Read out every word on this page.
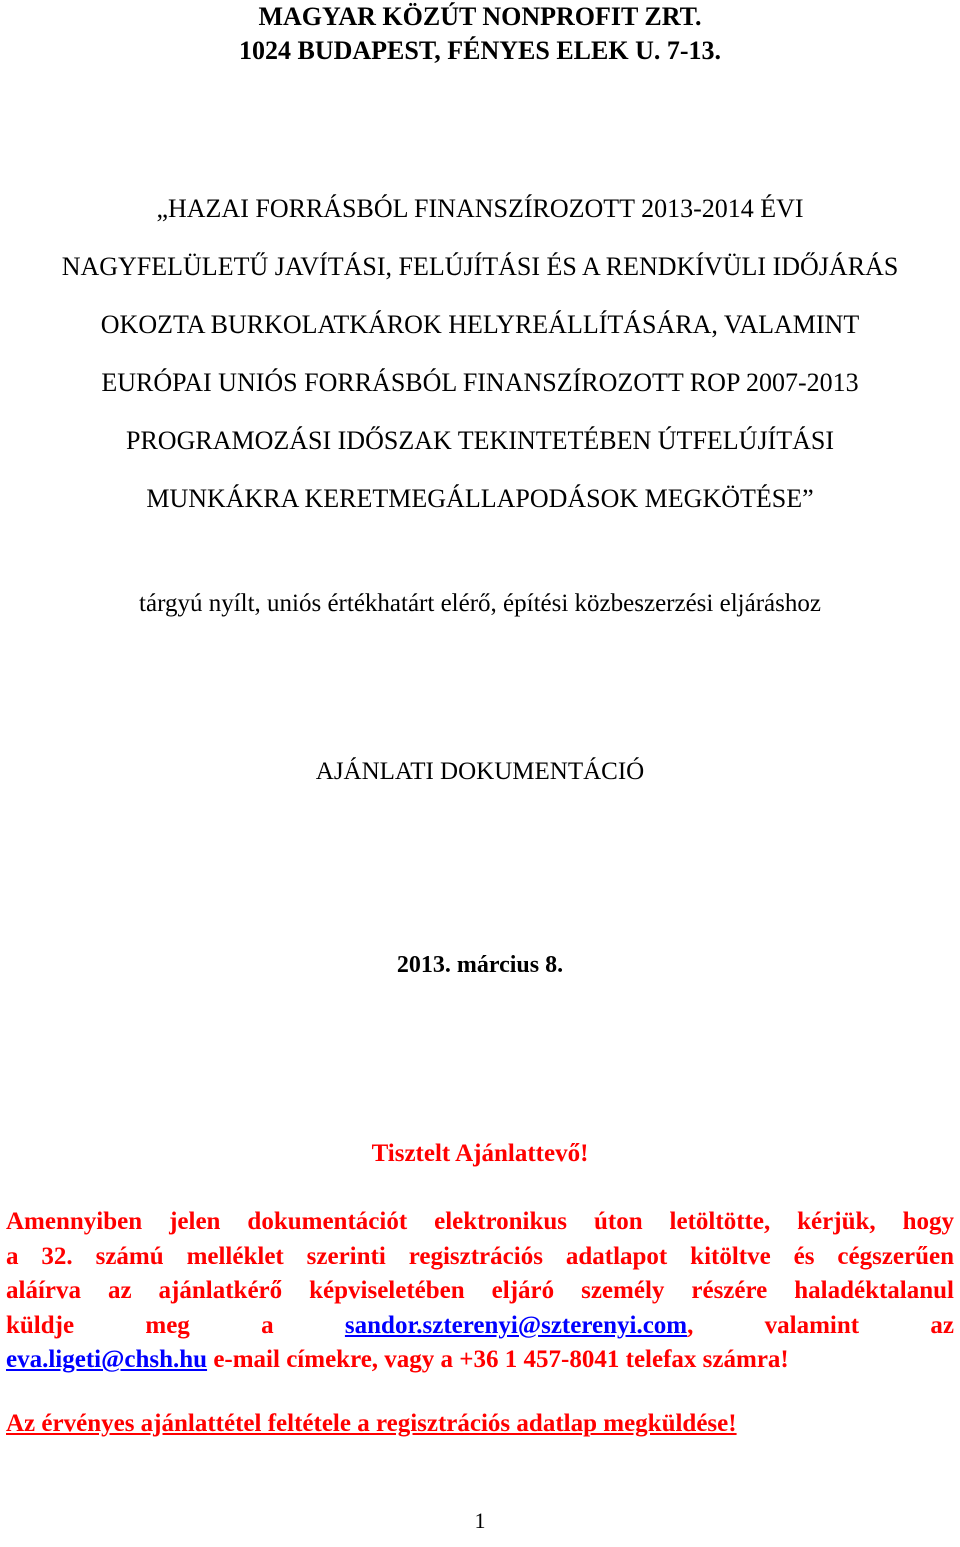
MAGYAR KÖZÚT NONPROFIT ZRT.
1024 BUDAPEST, FÉNYES ELEK U. 7-13.
„HAZAI FORRÁSBÓL FINANSZÍROZOTT 2013-2014 ÉVI
NAGYFELÜLETŰ JAVÍTÁSI, FELÚJÍTÁSI ÉS A RENDKÍVÜLI IDŐJÁRÁS
OKOZTA BURKOLATKÁROK HELYREÁLLÍTÁSÁRA, VALAMINT
EURÓPAI UNIÓS FORRÁSBÓL FINANSZÍROZOTT ROP 2007-2013
PROGRAMOZÁSI IDŐSZAK TEKINTETÉBEN ÚTFELÚJÍTÁSI
MUNKÁKRA KERETMEGÁLLAPODÁSOK MEGKÖTÉSE”
tárgyú nyílt, uniós értékhatárt elérő, építési közbeszerzési eljáráshoz
AJÁNLATI DOKUMENTÁCIÓ
2013. március 8.
Tisztelt Ajánlattevő!
Amennyiben jelen dokumentációt elektronikus úton letöltötte, kérjük, hogy
a 32. számú melléklet szerinti regisztrációs adatlapot kitöltve és cégszerűen
aláírva az ajánlatkérő képviseletében eljáró személy részére haladéktalanul
küldje meg a	sandor.szterenyi@szterenyi.com, valamint az
eva.ligeti@chsh.hu e-mail címekre, vagy a +36 1 457-8041 telefax számra!
Az érvényes ajánlattétel feltétele a regisztrációs adatlap megküldése!
1
